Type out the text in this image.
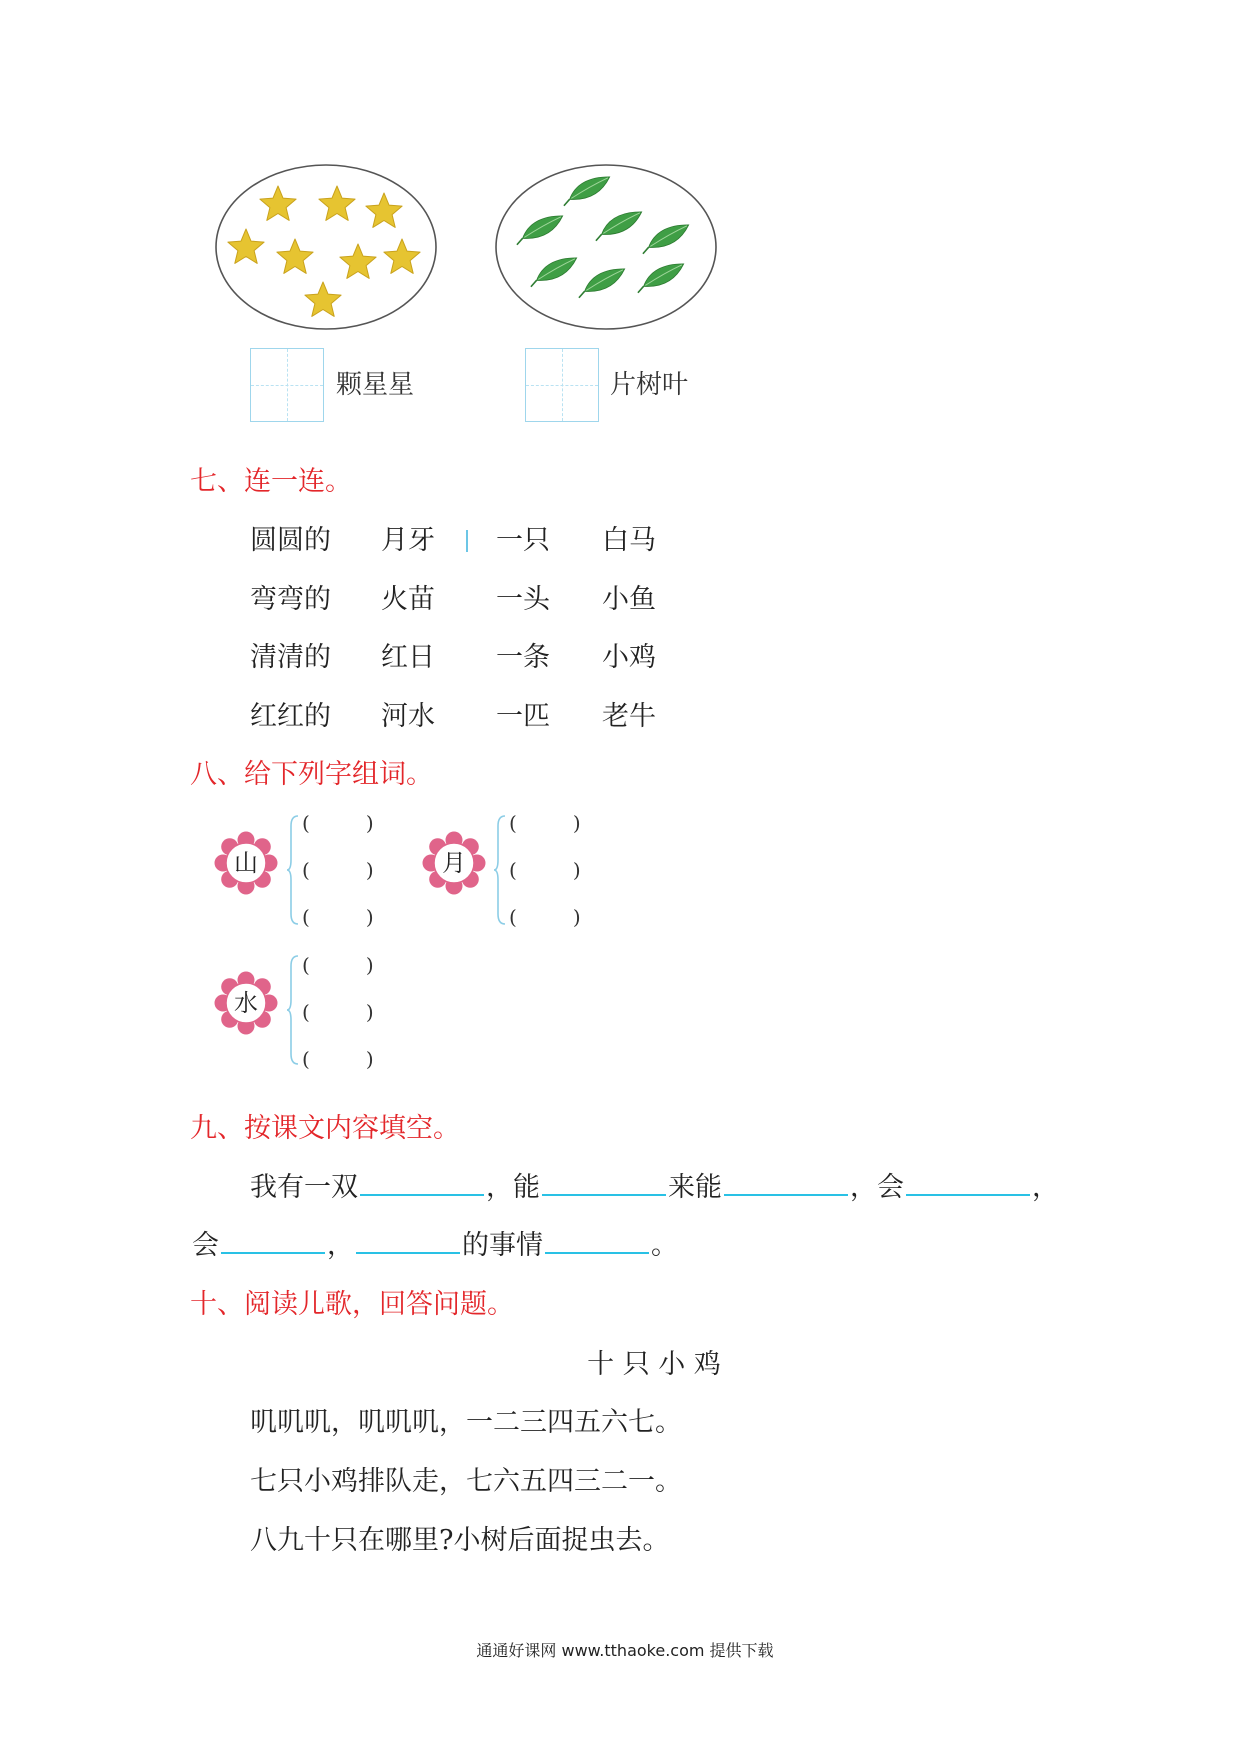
颗星星	片树叶
七、连一连。
圆圆的 月牙 一只 白马
弯弯的 火苗 一头 小鱼
清清的 红日 一条 小鸡
红红的 河水 一匹 老牛
八、给下列字组词。
山
(	)
(	)
(	)
月
(	)
(	)
(	)
水
(	)
(	)
(	)
九、按课文内容填空。
我有一双	，能	来能	，会	，
会	，	的事情	。
十、阅读儿歌，回答问题。
十 只 小 鸡
叽叽叽，叽叽叽，一二三四五六七。
七只小鸡排队走，七六五四三二一。
八九十只在哪里?小树后面捉虫去。
通通好课网 www.tthaoke.com 提供下载
